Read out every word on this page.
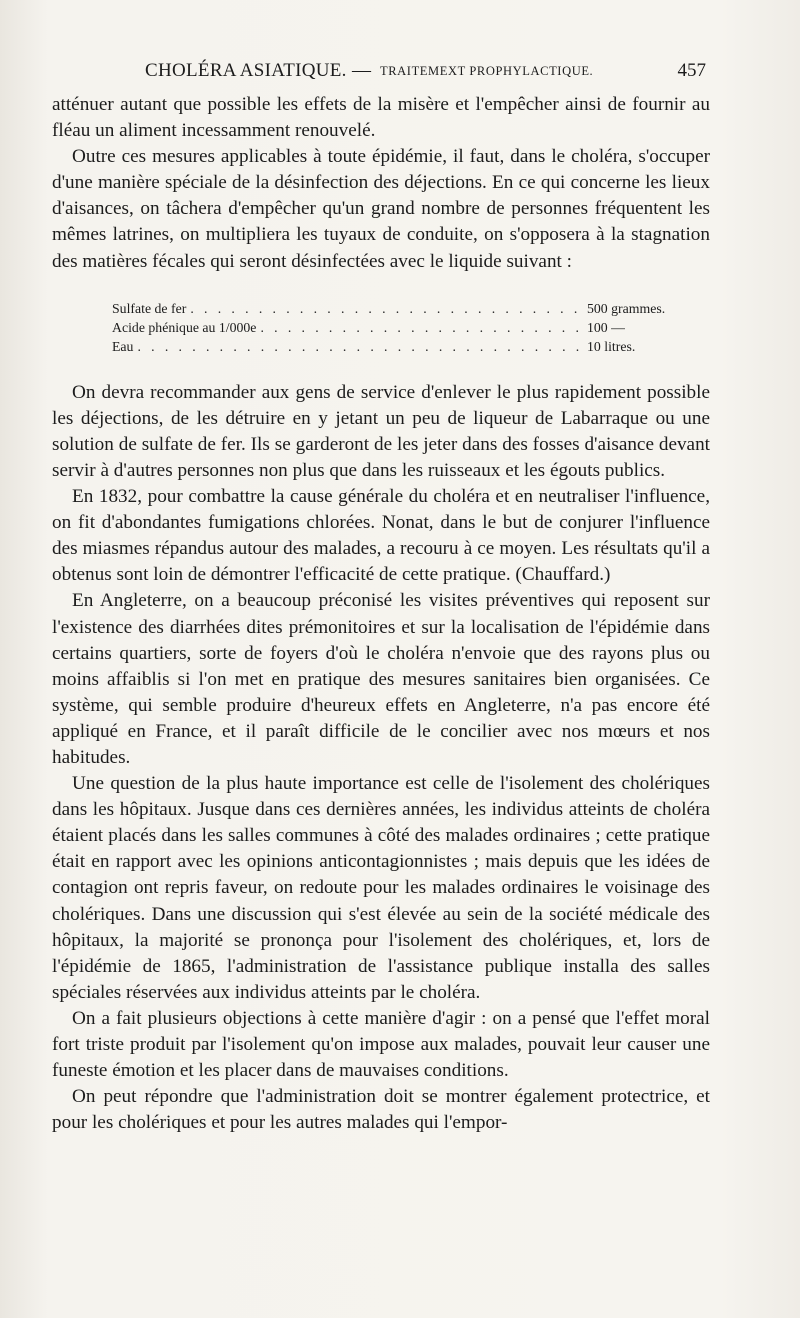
CHOLÉRA ASIATIQUE. — TRAITEMEXT PROPHYLACTIQUE.	457

atténuer autant que possible les effets de la misère et l'empêcher ainsi de fournir au fléau un aliment incessamment renouvelé.

Outre ces mesures applicables à toute épidémie, il faut, dans le choléra, s'occuper d'une manière spéciale de la désinfection des déjections. En ce qui concerne les lieux d'aisances, on tâchera d'empêcher qu'un grand nombre de personnes fréquentent les mêmes latrines, on multipliera les tuyaux de conduite, on s'opposera à la stagnation des matières fécales qui seront désinfectées avec le liquide suivant :

Sulfate de fer . . .	500 grammes.
Acide phénique au 1/000e . . .	100 —
Eau . . .	10 litres.

On devra recommander aux gens de service d'enlever le plus rapidement possible les déjections, de les détruire en y jetant un peu de liqueur de Labarraque ou une solution de sulfate de fer. Ils se garderont de les jeter dans des fosses d'aisance devant servir à d'autres personnes non plus que dans les ruisseaux et les égouts publics.

En 1832, pour combattre la cause générale du choléra et en neutraliser l'influence, on fit d'abondantes fumigations chlorées. Nonat, dans le but de conjurer l'influence des miasmes répandus autour des malades, a recouru à ce moyen. Les résultats qu'il a obtenus sont loin de démontrer l'efficacité de cette pratique. (Chauffard.)

En Angleterre, on a beaucoup préconisé les visites préventives qui reposent sur l'existence des diarrhées dites prémonitoires et sur la localisation de l'épidémie dans certains quartiers, sorte de foyers d'où le choléra n'envoie que des rayons plus ou moins affaiblis si l'on met en pratique des mesures sanitaires bien organisées. Ce système, qui semble produire d'heureux effets en Angleterre, n'a pas encore été appliqué en France, et il paraît difficile de le concilier avec nos mœurs et nos habitudes.

Une question de la plus haute importance est celle de l'isolement des cholériques dans les hôpitaux. Jusque dans ces dernières années, les individus atteints de choléra étaient placés dans les salles communes à côté des malades ordinaires ; cette pratique était en rapport avec les opinions anticontagionnistes ; mais depuis que les idées de contagion ont repris faveur, on redoute pour les malades ordinaires le voisinage des cholériques. Dans une discussion qui s'est élevée au sein de la société médicale des hôpitaux, la majorité se prononça pour l'isolement des cholériques, et, lors de l'épidémie de 1865, l'administration de l'assistance publique installa des salles spéciales réservées aux individus atteints par le choléra.

On a fait plusieurs objections à cette manière d'agir : on a pensé que l'effet moral fort triste produit par l'isolement qu'on impose aux malades, pouvait leur causer une funeste émotion et les placer dans de mauvaises conditions.

On peut répondre que l'administration doit se montrer également protectrice, et pour les cholériques et pour les autres malades qui l'empor-
